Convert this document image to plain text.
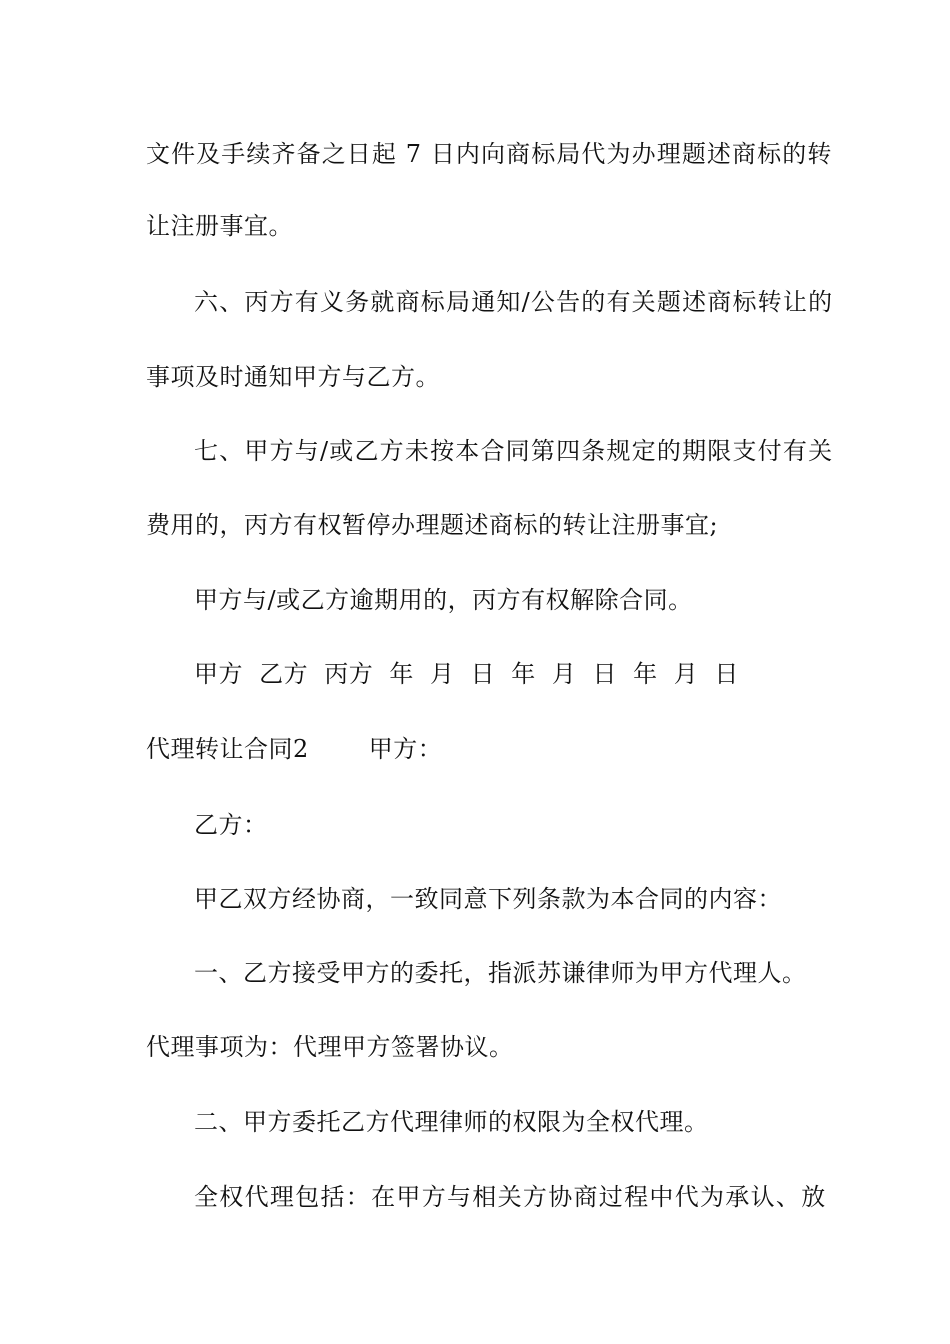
文件及手续齐备之日起 7 日内向商标局代为办理题述商标的转
让注册事宜。
六、丙方有义务就商标局通知/公告的有关题述商标转让的
事项及时通知甲方与乙方。
七、甲方与/或乙方未按本合同第四条规定的期限支付有关
费用的，丙方有权暂停办理题述商标的转让注册事宜;
甲方与/或乙方逾期用的，丙方有权解除合同。
甲方 乙方 丙方 年 月 日 年 月 日 年 月 日
代理转让合同2	甲方：
乙方：
甲乙双方经协商，一致同意下列条款为本合同的内容：
一、乙方接受甲方的委托，指派苏谦律师为甲方代理人。
代理事项为：代理甲方签署协议。
二、甲方委托乙方代理律师的权限为全权代理。
全权代理包括：在甲方与相关方协商过程中代为承认、放
